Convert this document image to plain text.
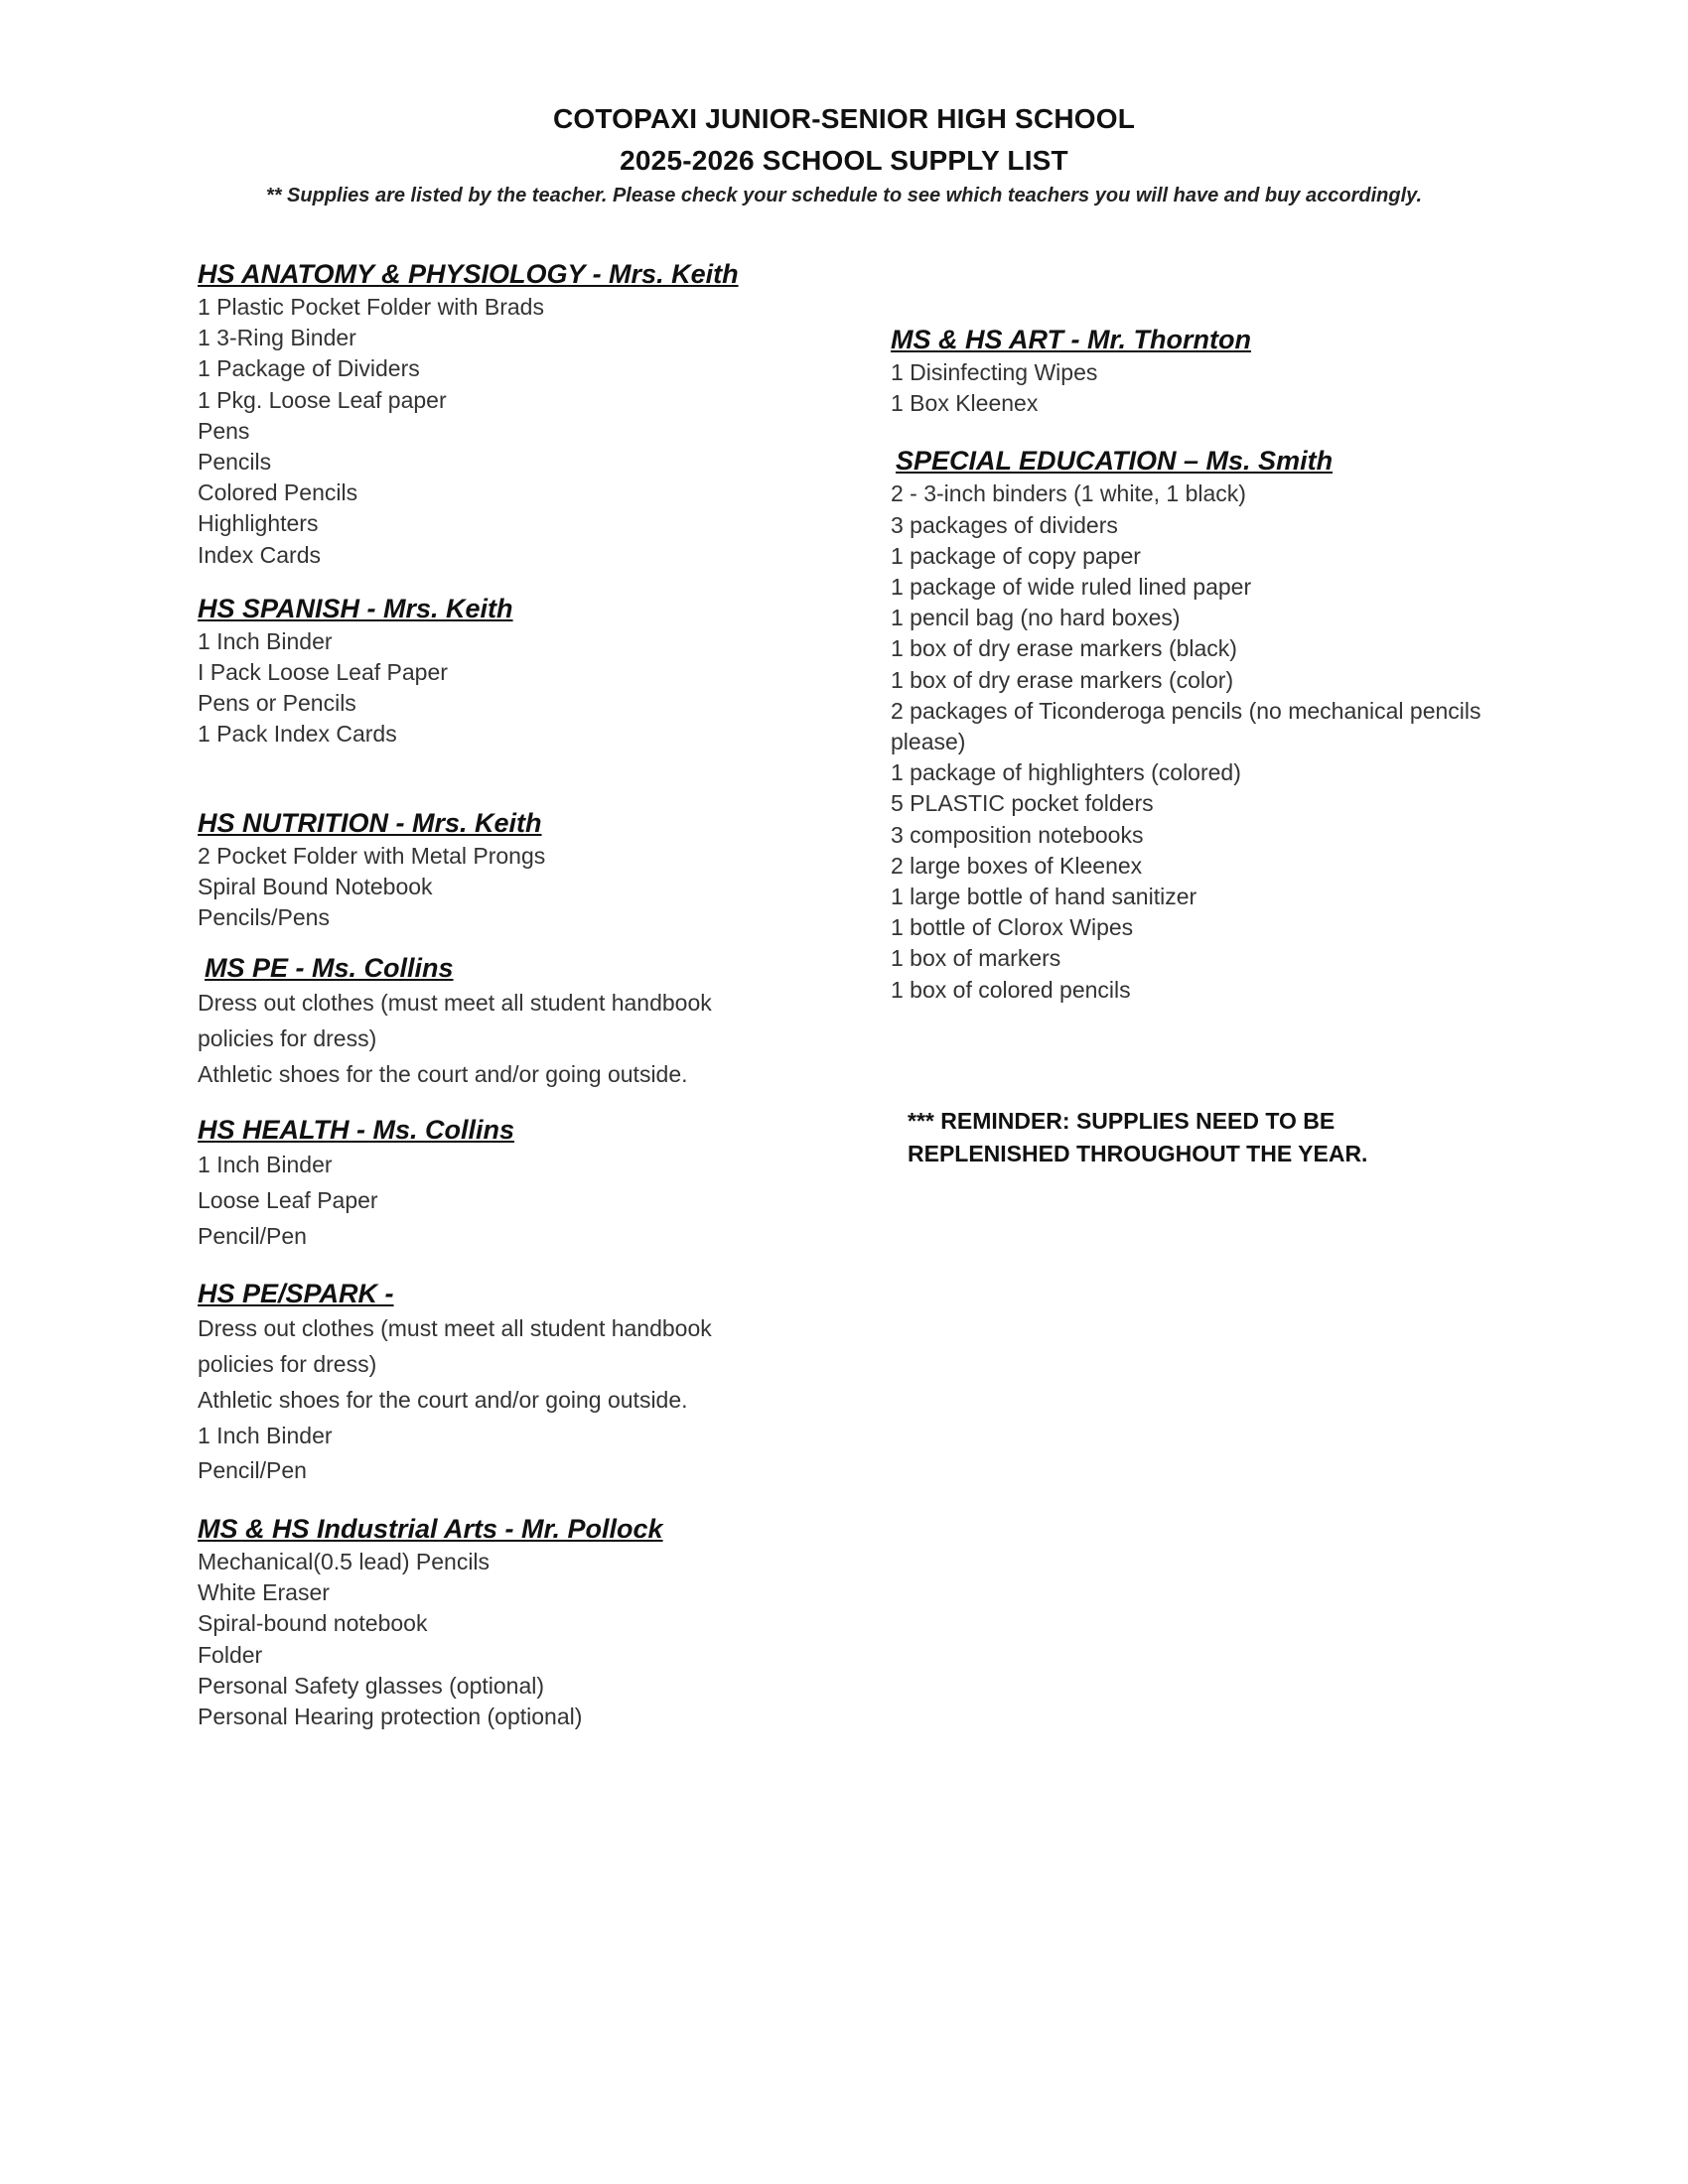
COTOPAXI JUNIOR-SENIOR HIGH SCHOOL
2025-2026 SCHOOL SUPPLY LIST
** Supplies are listed by the teacher. Please check your schedule to see which teachers you will have and buy accordingly.
HS ANATOMY & PHYSIOLOGY - Mrs. Keith
1 Plastic Pocket Folder with Brads
1 3-Ring Binder
1 Package of Dividers
1 Pkg. Loose Leaf paper
Pens
Pencils
Colored Pencils
Highlighters
Index Cards
HS SPANISH - Mrs. Keith
1 Inch Binder
I Pack Loose Leaf Paper
Pens or Pencils
1 Pack Index Cards
HS NUTRITION - Mrs. Keith
2 Pocket Folder with Metal Prongs
Spiral Bound Notebook
Pencils/Pens
MS PE - Ms. Collins
Dress out clothes (must meet all student handbook
policies for dress)
Athletic shoes for the court and/or going outside.
HS HEALTH - Ms. Collins
1 Inch Binder
Loose Leaf Paper
Pencil/Pen
HS PE/SPARK -
Dress out clothes (must meet all student handbook
policies for dress)
Athletic shoes for the court and/or going outside.
1 Inch Binder
Pencil/Pen
MS & HS Industrial Arts - Mr. Pollock
Mechanical(0.5 lead) Pencils
White Eraser
Spiral-bound notebook
Folder
Personal Safety glasses (optional)
Personal Hearing protection (optional)
MS & HS ART - Mr. Thornton
1 Disinfecting Wipes
1 Box Kleenex
SPECIAL EDUCATION – Ms. Smith
2 - 3-inch binders (1 white, 1 black)
3 packages of dividers
1 package of copy paper
1 package of wide ruled lined paper
1 pencil bag (no hard boxes)
1 box of dry erase markers (black)
1 box of dry erase markers (color)
2 packages of Ticonderoga pencils (no mechanical pencils please)
1 package of highlighters (colored)
5 PLASTIC pocket folders
3 composition notebooks
2 large boxes of Kleenex
1 large bottle of hand sanitizer
1 bottle of Clorox Wipes
1 box of markers
1 box of colored pencils
*** REMINDER: SUPPLIES NEED TO BE REPLENISHED THROUGHOUT THE YEAR.
